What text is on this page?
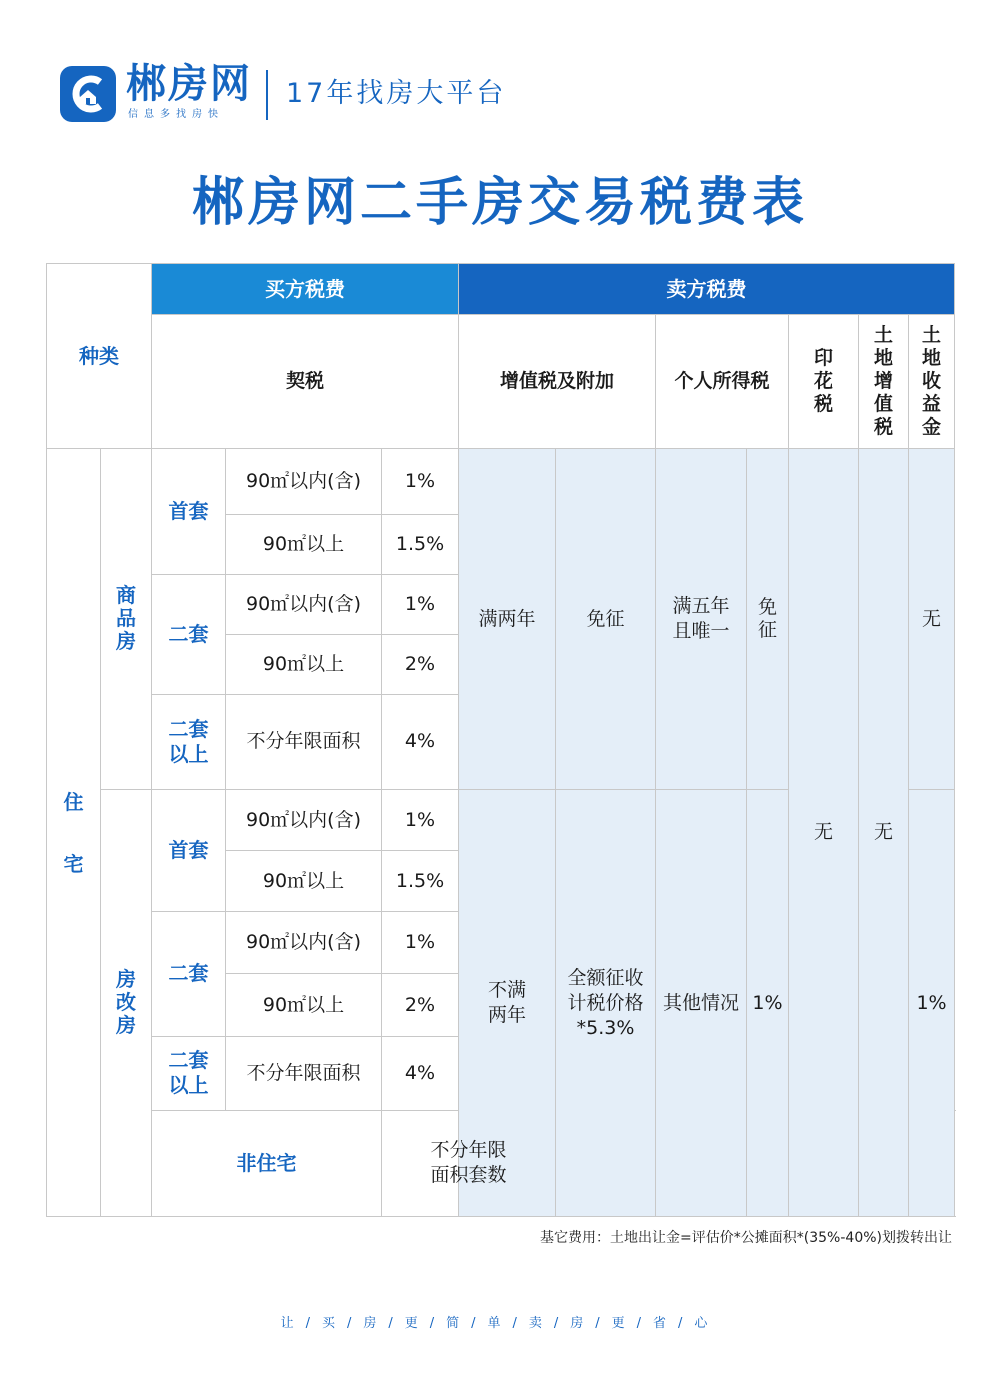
郴房网
信息多找房快
17年找房大平台
郴房网二手房交易税费表
种类		买方税费			卖方税费							
		契税			增值税及附加		个人所得税		印花税	土地增值税	土地收益金	
住宅	商品房	首套	90㎡以内(含)	1%	满两年	免征	满五年且唯一	免征	无	无	无	
			90㎡以上	1.5%								
		二套	90㎡以内(含)	1%								
			90㎡以上	2%								
		二套以上	不分年限面积	4%								
	房改房	首套	90㎡以内(含)	1%	不满两年	全额征收计税价格*5.3%	其他情况	1%			1%	
			90㎡以上	1.5%								
		二套	90㎡以内(含)	1%								
			90㎡以上	2%								
		二套以上	不分年限面积	4%								
		非住宅		不分年限面积套数							
基它费用：土地出让金=评估价*公摊面积*(35%-40%)划拨转出让
让/买/房/更/简/单/卖/房/更/省/心
